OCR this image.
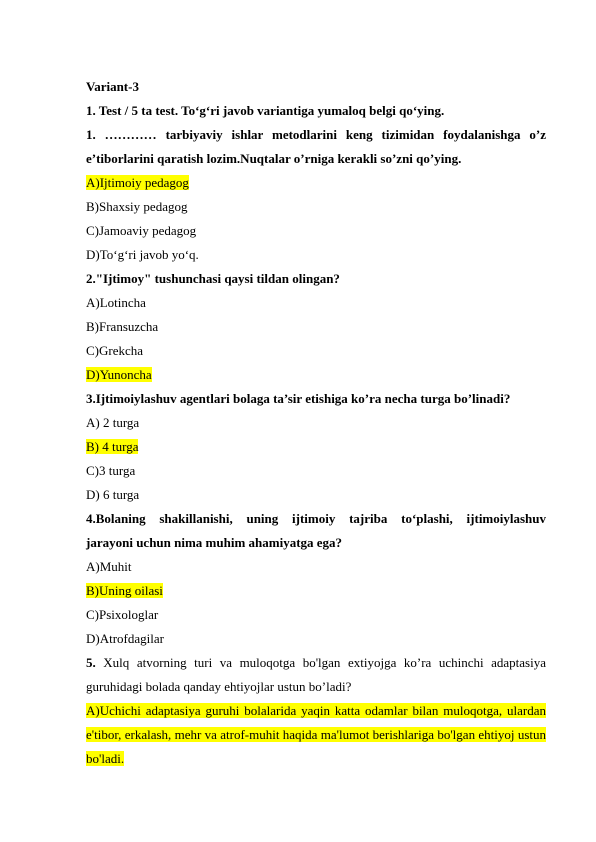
Variant-3
1. Test / 5 ta test. To‘g‘ri javob variantiga yumaloq belgi qo‘ying.
1. ………… tarbiyaviy ishlar metodlarini keng tizimidan foydalanishga o’z
e’tiborlarini qaratish lozim.Nuqtalar o’rniga kerakli so’zni qo’ying.
A)Ijtimoiy pedagog
B)Shaxsiy pedagog
C)Jamoaviy pedagog
D)To‘g‘ri javob yo‘q.
2."Ijtimoy" tushunchasi qaysi tildan olingan?
A)Lotincha
B)Fransuzcha
C)Grekcha
D)Yunoncha
3.Ijtimoiylashuv agentlari bolaga ta’sir etishiga ko’ra necha turga bo’linadi?
A) 2 turga
B) 4 turga
C)3 turga
D) 6 turga
4.Bolaning shakillanishi, uning ijtimoiy tajriba to‘plashi, ijtimoiylashuv
jarayoni uchun nima muhim ahamiyatga ega?
A)Muhit
B)Uning oilasi
C)Psixologlar
D)Atrofdagilar
5. Xulq atvorning turi va muloqotga bo'lgan extiyojga ko’ra uchinchi adaptasiya
guruhidagi bolada qanday ehtiyojlar ustun bo’ladi?
A)Uchichi adaptasiya guruhi bolalarida yaqin katta odamlar bilan muloqotga, ulardan e'tibor, erkalash, mehr va atrof-muhit haqida ma'lumot berishlariga bo'lgan ehtiyoj ustun bo'ladi.
